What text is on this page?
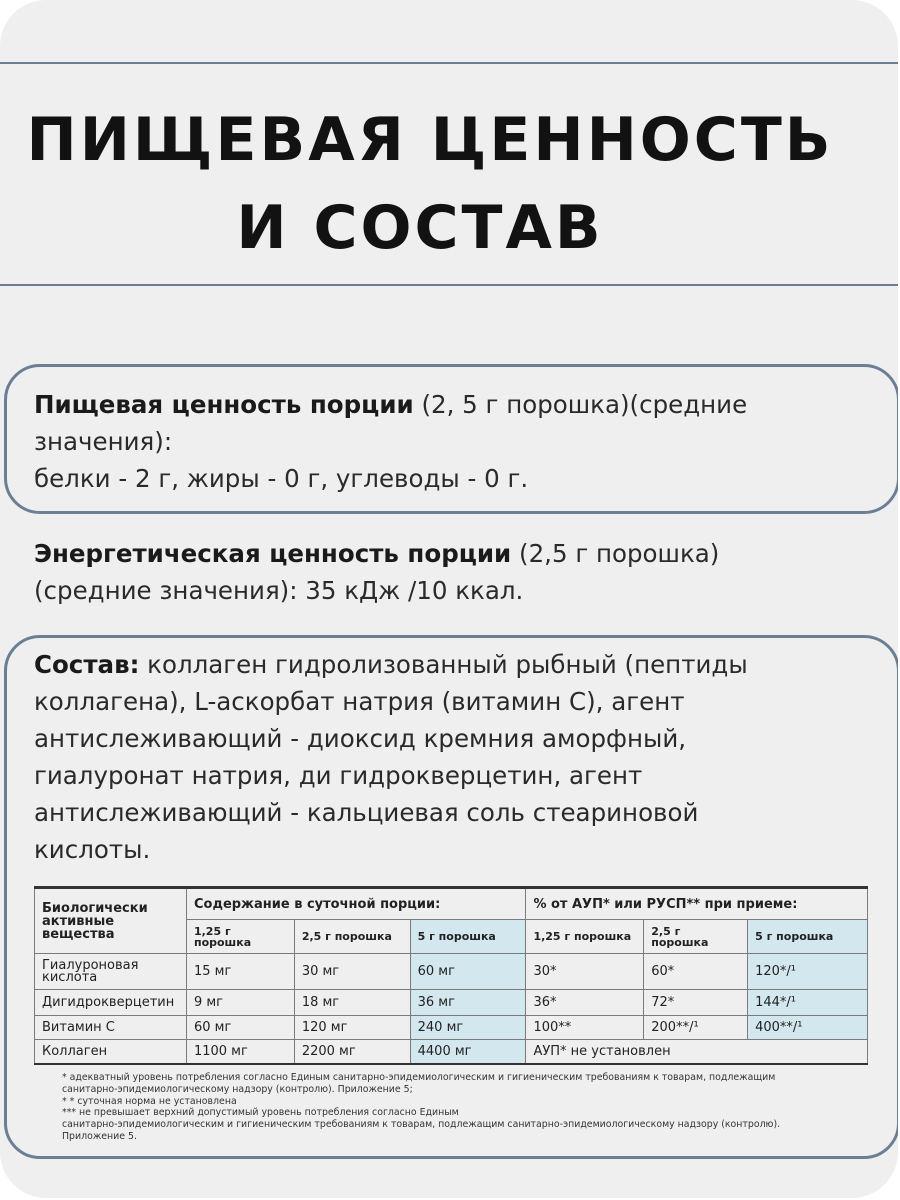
ПИЩЕВАЯ ЦЕННОСТЬ
И СОСТАВ
Пищевая ценность порции (2, 5 г порошка)(средние
значения):
белки - 2 г, жиры - 0 г, углеводы - 0 г.
Энергетическая ценность порции (2,5 г порошка)
(средние значения): 35 кДж /10 ккал.
Состав: коллаген гидролизованный рыбный (пептиды
коллагена), L-аскорбат натрия (витамин С), агент
антислеживающий - диоксид кремния аморфный,
гиалуронат натрия, ди гидрокверцетин, агент
антислеживающий - кальциевая соль стеариновой
кислоты.
Биологически активные вещества	Содержание в суточной порции:			% от АУП* или РУСП** при приеме:		
	1,25 г порошка	2,5 г порошка	5 г порошка	1,25 г порошка	2,5 г порошка	5 г порошка
Гиалуроновая кислота	15 мг	30 мг	60 мг	30*	60*	120*/¹
Дигидрокверцетин	9 мг	18 мг	36 мг	36*	72*	144*/¹
Витамин С	60 мг	120 мг	240 мг	100**	200**/¹	400**/¹
Коллаген	1100 мг	2200 мг	4400 мг	АУП* не установлен		
* адекватный уровень потребления согласно Единым санитарно-эпидемиологическим и гигиеническим требованиям к товарам, подлежащим
санитарно-эпидемиологическому надзору (контролю). Приложение 5;
* * суточная норма не установлена
*** не превышает верхний допустимый уровень потребления согласно Единым
санитарно-эпидемиологическим и гигиеническим требованиям к товарам, подлежащим санитарно-эпидемиологическому надзору (контролю).
Приложение 5.
